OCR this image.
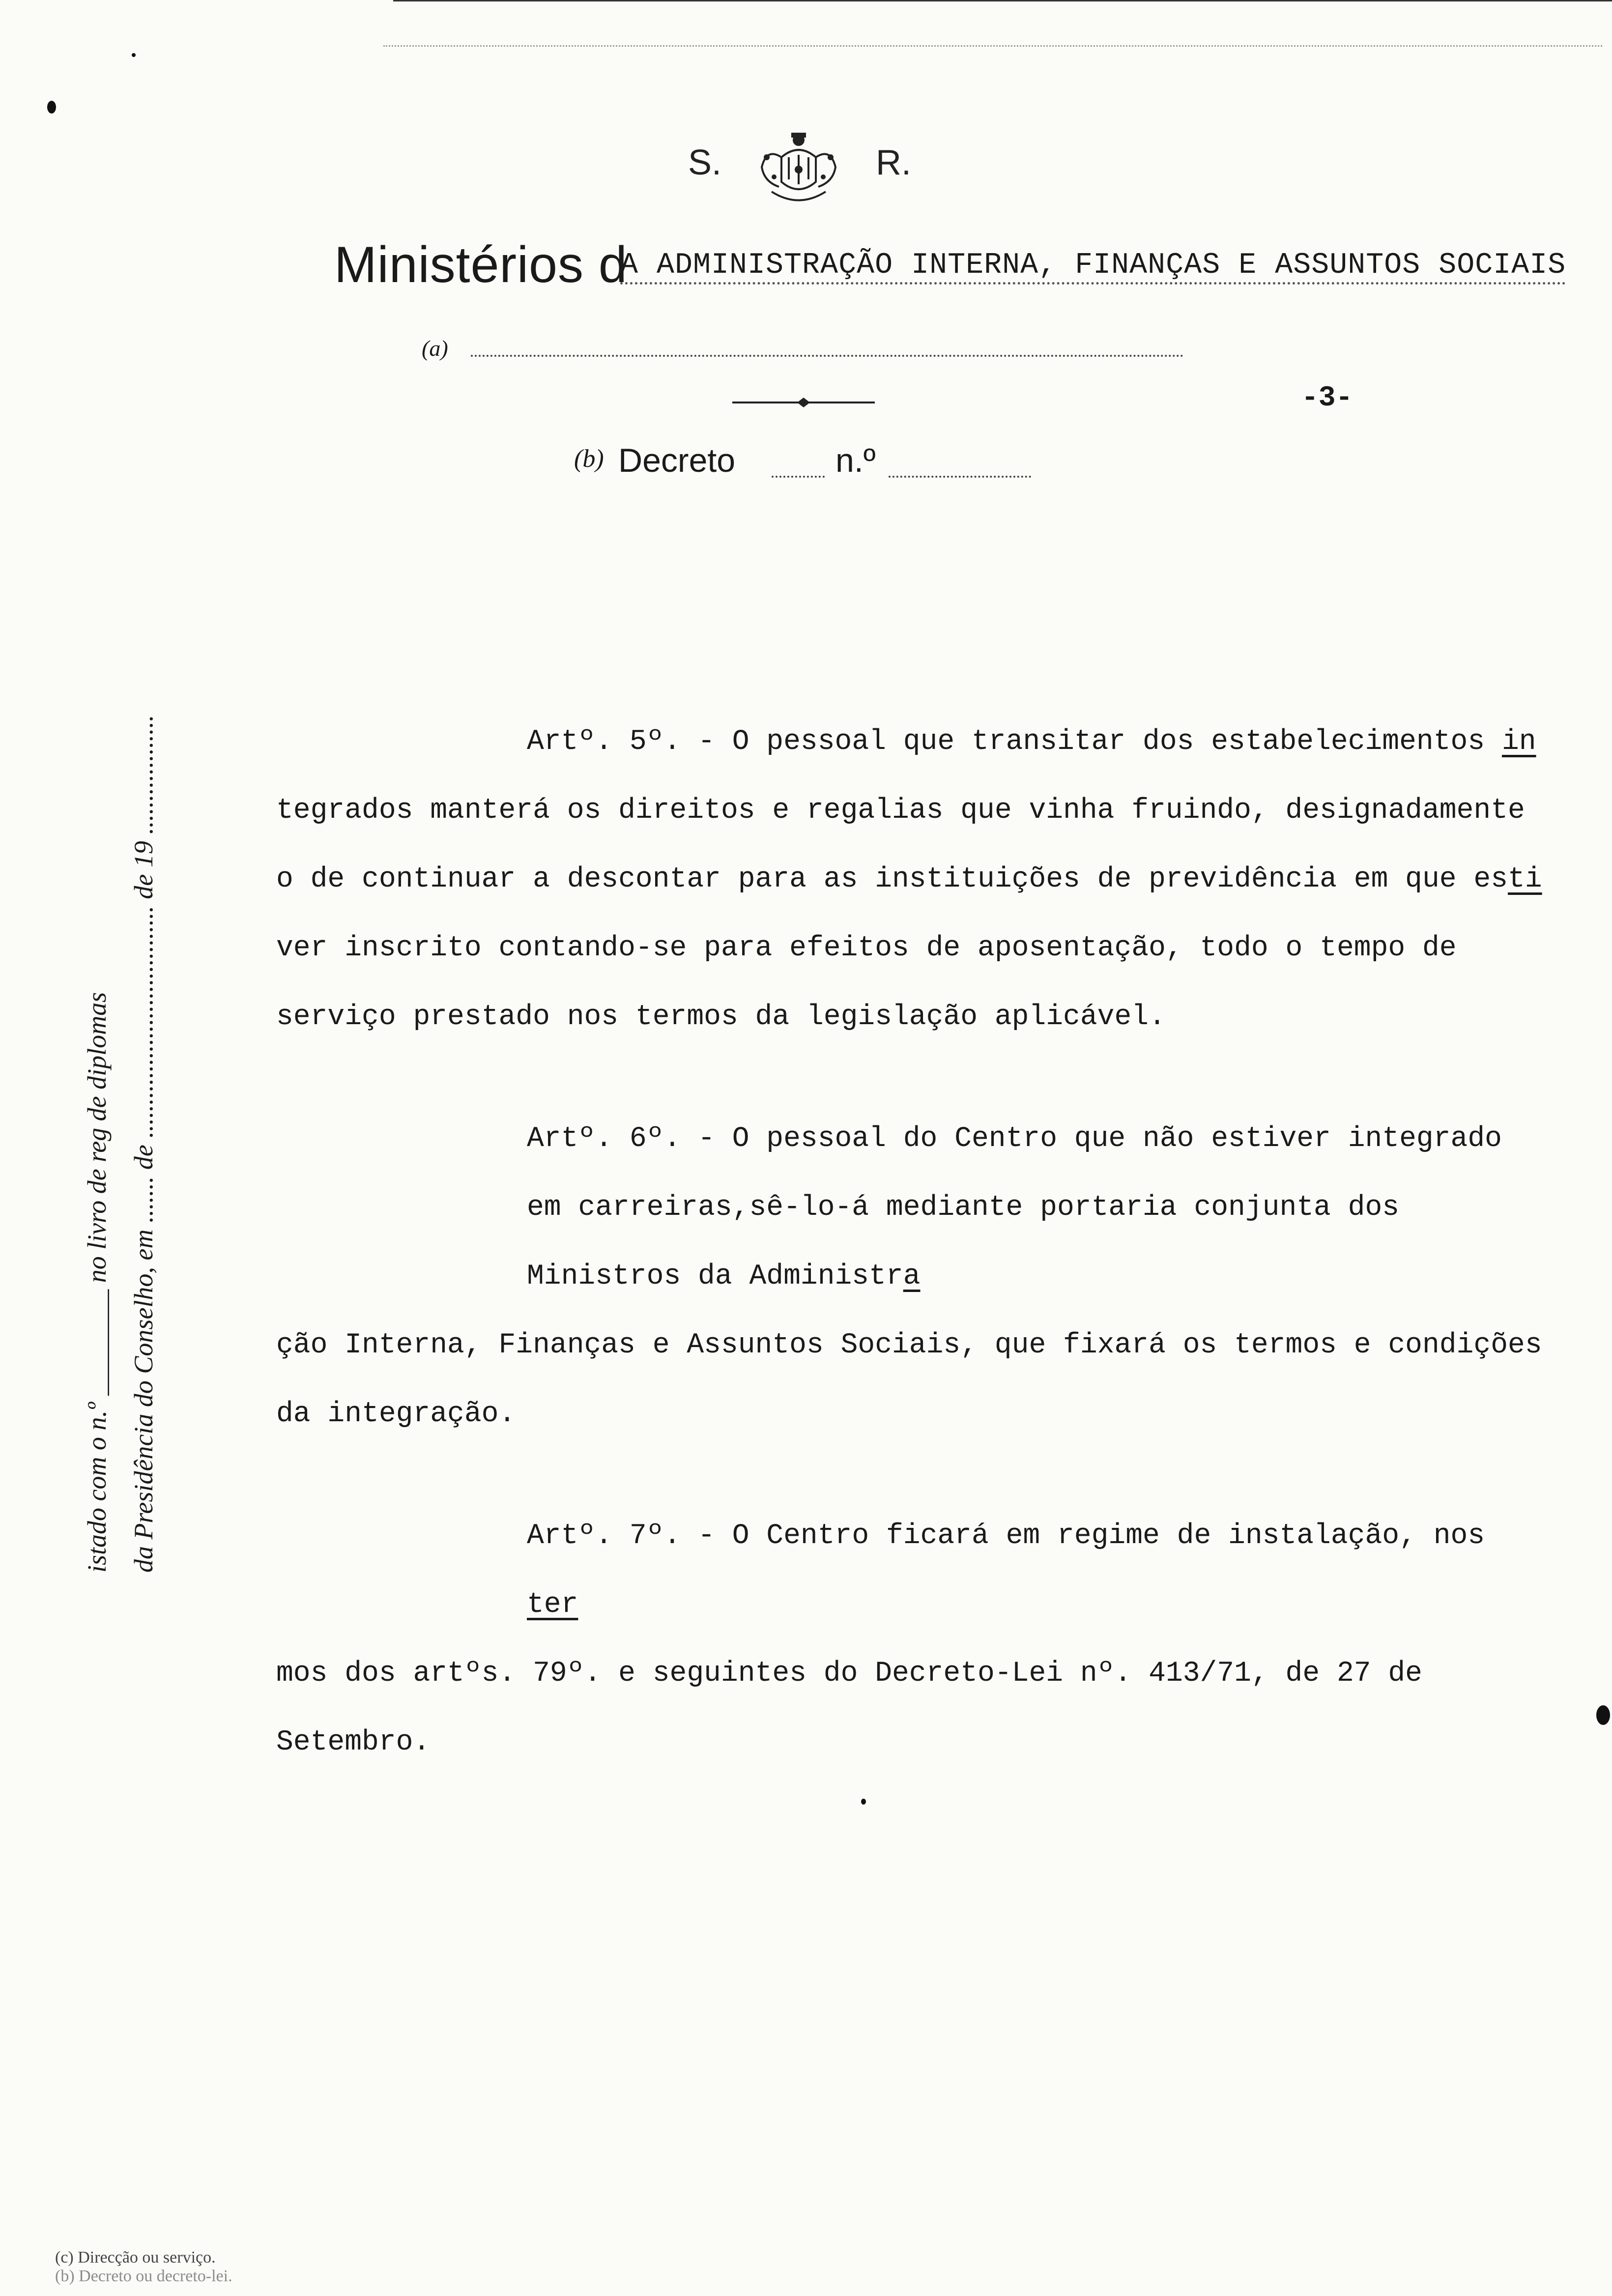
S.	R.
Ministérios d
A ADMINISTRAÇÃO INTERNA, FINANÇAS E ASSUNTOS SOCIAIS
(a)
-3-
(b) Decreto	n.º

Artº. 5º. - O pessoal que transitar dos estabelecimentos in
tegrados manterá os direitos e regalias que vinha fruindo, designadamente o de continuar a descontar para as instituições de previdência em que esti ver inscrito contando-se para efeitos de aposentação, todo o tempo de serviço prestado nos termos da legislação aplicável.

Artº. 6º. - O pessoal do Centro que não estiver integrado em carreiras,sê-lo-á mediante portaria conjunta dos Ministros da Administra
ção Interna, Finanças e Assuntos Sociais, que fixará os termos e condições da integração.

Artº. 7º. - O Centro ficará em regime de instalação, nos ter
mos dos artºs. 79º. e seguintes do Decreto-Lei nº. 413/71, de 27 de Setembro.

istado com o n.º ________ no livro de reg de diplomas
da Presidência do Conselho, em ....... de ................................... de 19 ..................
(c) Direcção ou serviço.
(b) Decreto ou decreto-lei.
